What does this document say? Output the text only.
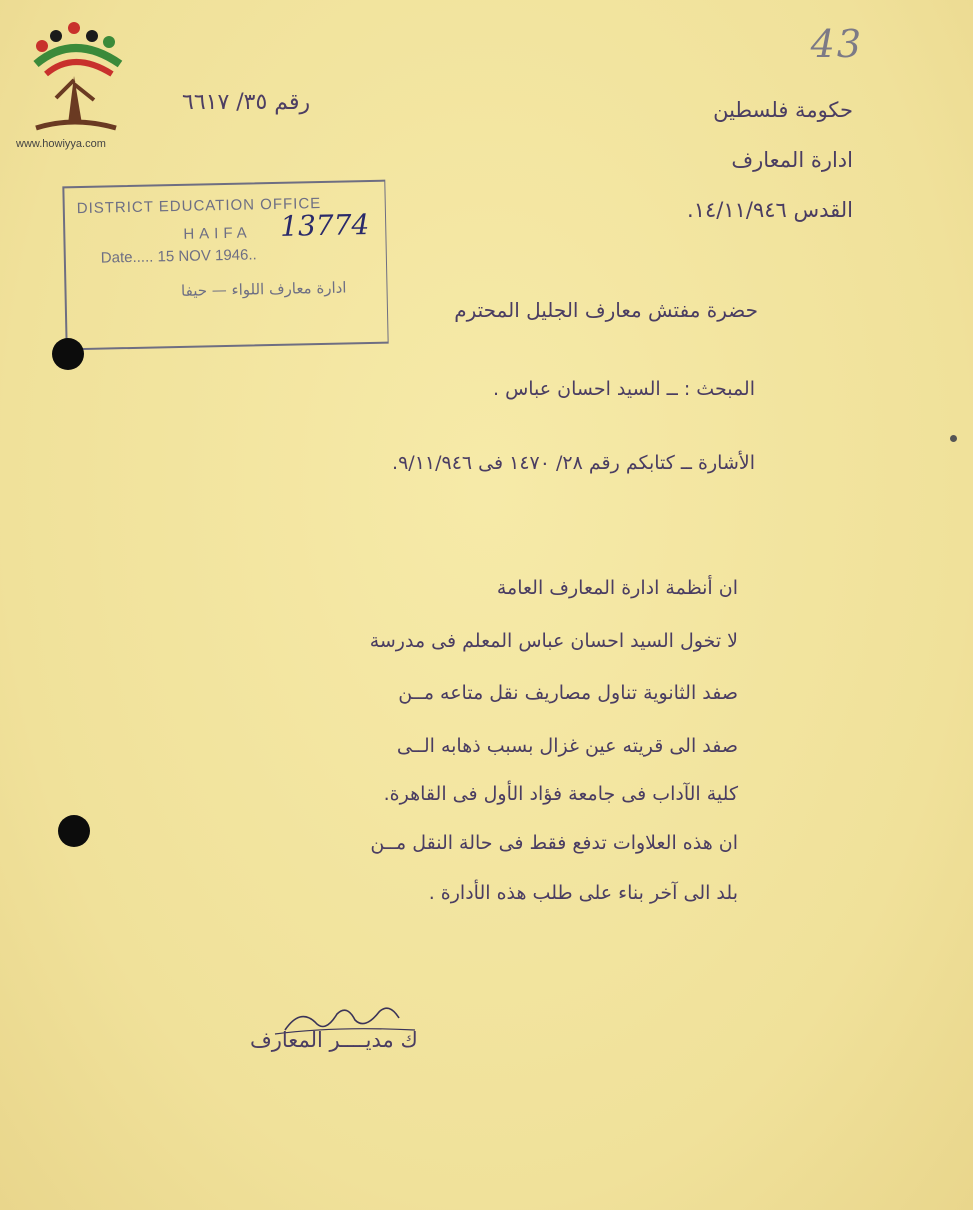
www.howiyya.com
43
حكومة فلسطين
ادارة المعارف
القدس ١٤/١١/٩٤٦.
رقم ٣٥/ ٦٦١٧
DISTRICT EDUCATION OFFICE
HAIFA
Date..... 15 NOV 1946..
ادارة معارف اللواء — حيفا
13774
حضرة مفتش معارف الجليل المحترم
المبحث : ــ السيد احسان عباس .
الأشارة ــ كتابكم رقم ٢٨/ ١٤٧٠ فى ٩/١١/٩٤٦.
ان أنظمة ادارة المعارف العامة
لا تخول السيد احسان عباس المعلم فى مدرسة
صفد الثانوية تناول مصاريف نقل متاعه مــن
صفد الى قريته عين غزال بسبب ذهابه الــى
كلية الآداب فى جامعة فؤاد الأول فى القاهرة.
ان هذه العلاوات تدفع فقط فى حالة النقل مــن
بلد الى آخر بناء على طلب هذه الأدارة .
ك مديــــر المعارف
